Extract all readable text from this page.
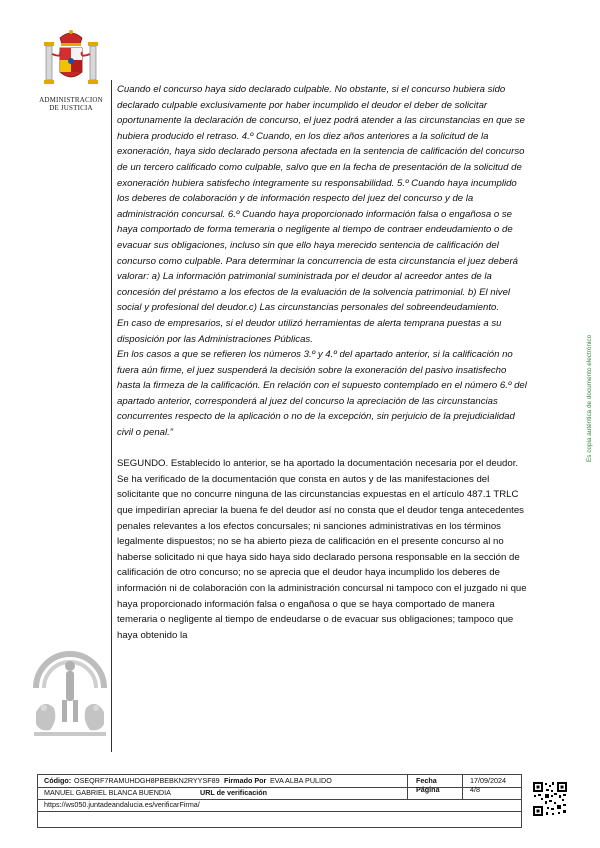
ADMINISTRACION DE JUSTICIA

Cuando el concurso haya sido declarado culpable. No obstante, si el concurso hubiera sido declarado culpable exclusivamente por haber incumplido el deudor el deber de solicitar oportunamente la declaración de concurso, el juez podrá atender a las circunstancias en que se hubiera producido el retraso. 4.º Cuando, en los diez años anteriores a la solicitud de la exoneración, haya sido declarado persona afectada en la sentencia de calificación del concurso de un tercero calificado como culpable, salvo que en la fecha de presentación de la solicitud de exoneración hubiera satisfecho íntegramente su responsabilidad. 5.º Cuando haya incumplido los deberes de colaboración y de información respecto del juez del concurso y de la administración concursal. 6.º Cuando haya proporcionado información falsa o engañosa o se haya comportado de forma temeraria o negligente al tiempo de contraer endeudamiento o de evacuar sus obligaciones, incluso sin que ello haya merecido sentencia de calificación del concurso como culpable. Para determinar la concurrencia de esta circunstancia el juez deberá valorar: a) La información patrimonial suministrada por el deudor al acreedor antes de la concesión del préstamo a los efectos de la evaluación de la solvencia patrimonial. b) El nivel social y profesional del deudor.c) Las circunstancias personales del sobreendeudamiento.

En caso de empresarios, si el deudor utilizó herramientas de alerta temprana puestas a su disposición por las Administraciones Públicas.

En los casos a que se refieren los números 3.º y 4.º del apartado anterior, si la calificación no fuera aún firme, el juez suspenderá la decisión sobre la exoneración del pasivo insatisfecho hasta la firmeza de la calificación. En relación con el supuesto contemplado en el número 6.º del apartado anterior, corresponderá al juez del concurso la apreciación de las circunstancias concurrentes respecto de la aplicación o no de la excepción, sin perjuicio de la prejudicialidad civil o penal.”

SEGUNDO. Establecido lo anterior, se ha aportado la documentación necesaria por el deudor. Se ha verificado de la documentación que consta en autos y de las manifestaciones del solicitante que no concurre ninguna de las circunstancias expuestas en el artículo 487.1 TRLC que impedirían apreciar la buena fe del deudor así no consta que el deudor tenga antecedentes penales relevantes a los efectos concursales; ni sanciones administrativas en los términos legalmente dispuestos; no se ha abierto pieza de calificación en el presente concurso al no haberse solicitado ni que haya sido haya sido declarado persona responsable en la sección de calificación de otro concurso; no se aprecia que el deudor haya incumplido los deberes de información ni de colaboración con la administración concursal ni tampoco con el juzgado ni que haya proporcionado información falsa o engañosa o que se haya comportado de manera temeraria o negligente al tiempo de endeudarse o de evacuar sus obligaciones; tampoco que haya obtenido la

Es copia auténtica de documento electrónico
Código: OSEQRF7RAMUHDGH8PBEBKN2RYYSF89 Firmado Por EVA ALBA PULIDO	Fecha	17/09/2024
MANUEL GABRIEL BLANCA BUENDIA	URL de verificación	Página	4/8
https://ws050.juntadeandalucia.es/verificarFirma/
